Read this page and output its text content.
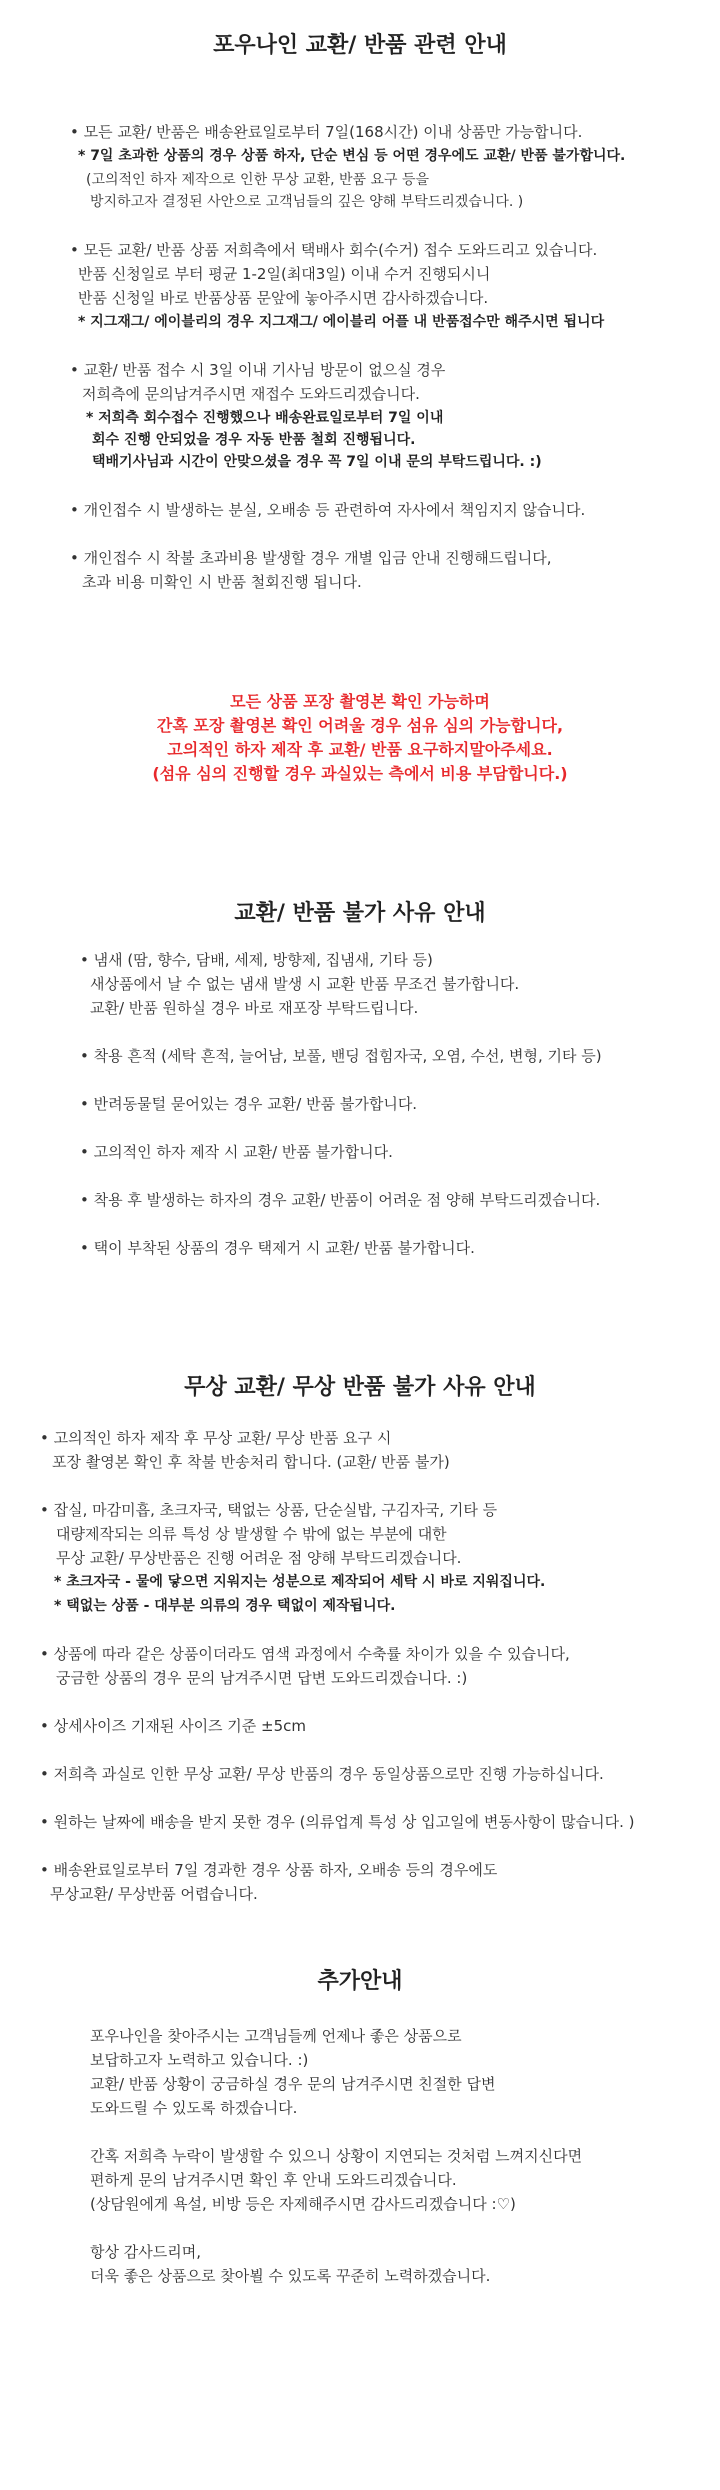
포우나인 교환/ 반품 관련 안내

• 모든 교환/ 반품은 배송완료일로부터 7일(168시간) 이내 상품만 가능합니다.

* 7일 초과한 상품의 경우 상품 하자, 단순 변심 등 어떤 경우에도 교환/ 반품 불가합니다.

(고의적인 하자 제작으로 인한 무상 교환, 반품 요구 등을

방지하고자 결정된 사안으로 고객님들의 깊은 양해 부탁드리겠습니다. )

• 모든 교환/ 반품 상품 저희측에서 택배사 회수(수거) 접수 도와드리고 있습니다.

반품 신청일로 부터 평균 1-2일(최대3일) 이내 수거 진행되시니

반품 신청일 바로 반품상품 문앞에 놓아주시면 감사하겠습니다.

* 지그재그/ 에이블리의 경우 지그재그/ 에이블리 어플 내 반품접수만 해주시면 됩니다

• 교환/ 반품 접수 시 3일 이내 기사님 방문이 없으실 경우

저희측에 문의남겨주시면 재접수 도와드리겠습니다.

* 저희측 회수접수 진행했으나 배송완료일로부터 7일 이내

회수 진행 안되었을 경우 자동 반품 철회 진행됩니다.

택배기사님과 시간이 안맞으셨을 경우 꼭 7일 이내 문의 부탁드립니다. :)

• 개인접수 시 발생하는 분실, 오배송 등 관련하여 자사에서 책임지지 않습니다.

• 개인접수 시 착불 초과비용 발생할 경우 개별 입금 안내 진행해드립니다,

초과 비용 미확인 시 반품 철회진행 됩니다.

모든 상품 포장 촬영본 확인 가능하며

간혹 포장 촬영본 확인 어려울 경우 섬유 심의 가능합니다,

고의적인 하자 제작 후 교환/ 반품 요구하지말아주세요.

(섬유 심의 진행할 경우 과실있는 측에서 비용 부담합니다.)

교환/ 반품 불가 사유 안내

• 냄새 (땀, 향수, 담배, 세제, 방향제, 집냄새, 기타 등)

새상품에서 날 수 없는 냄새 발생 시 교환 반품 무조건 불가합니다.

교환/ 반품 원하실 경우 바로 재포장 부탁드립니다.

• 착용 흔적 (세탁 흔적, 늘어남, 보풀, 밴딩 접힘자국, 오염, 수선, 변형, 기타 등)

• 반려동물털 묻어있는 경우 교환/ 반품 불가합니다.

• 고의적인 하자 제작 시 교환/ 반품 불가합니다.

• 착용 후 발생하는 하자의 경우 교환/ 반품이 어려운 점 양해 부탁드리겠습니다.

• 택이 부착된 상품의 경우 택제거 시 교환/ 반품 불가합니다.

무상 교환/ 무상 반품 불가 사유 안내

• 고의적인 하자 제작 후 무상 교환/ 무상 반품 요구 시

포장 촬영본 확인 후 착불 반송처리 합니다. (교환/ 반품 불가)

• 잡실, 마감미흡, 초크자국, 택없는 상품, 단순실밥, 구김자국, 기타 등

대량제작되는 의류 특성 상 발생할 수 밖에 없는 부분에 대한

무상 교환/ 무상반품은 진행 어려운 점 양해 부탁드리겠습니다.

* 초크자국 - 물에 닿으면 지워지는 성분으로 제작되어 세탁 시 바로 지워집니다.

* 택없는 상품 - 대부분 의류의 경우 택없이 제작됩니다.

• 상품에 따라 같은 상품이더라도 염색 과정에서 수축률 차이가 있을 수 있습니다,

궁금한 상품의 경우 문의 남겨주시면 답변 도와드리겠습니다. :)

• 상세사이즈 기재된 사이즈 기준 ±5cm

• 저희측 과실로 인한 무상 교환/ 무상 반품의 경우 동일상품으로만 진행 가능하십니다.

• 원하는 날짜에 배송을 받지 못한 경우 (의류업계 특성 상 입고일에 변동사항이 많습니다. )

• 배송완료일로부터 7일 경과한 경우 상품 하자, 오배송 등의 경우에도

무상교환/ 무상반품 어렵습니다.

추가안내

포우나인을 찾아주시는 고객님들께 언제나 좋은 상품으로

보답하고자 노력하고 있습니다. :)

교환/ 반품 상황이 궁금하실 경우 문의 남겨주시면 친절한 답변

도와드릴 수 있도록 하겠습니다.

간혹 저희측 누락이 발생할 수 있으니 상황이 지연되는 것처럼 느껴지신다면

편하게 문의 남겨주시면 확인 후 안내 도와드리겠습니다.

(상담원에게 욕설, 비방 등은 자제해주시면 감사드리겠습니다 :♡)

항상 감사드리며,

더욱 좋은 상품으로 찾아뵐 수 있도록 꾸준히 노력하겠습니다.
